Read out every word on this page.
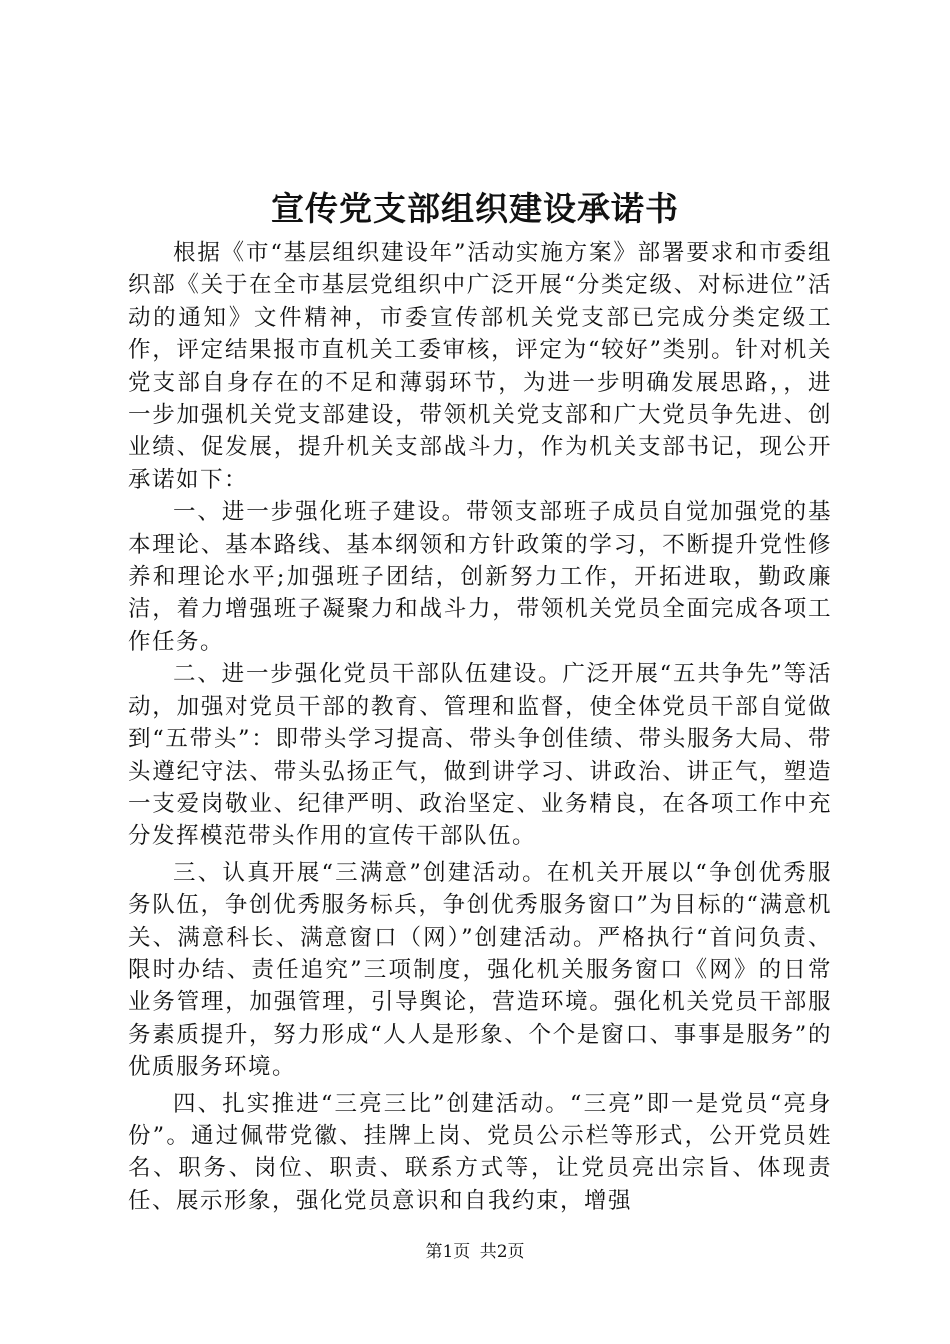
宣传党支部组织建设承诺书

根据《市“基层组织建设年”活动实施方案》部署要求和市委组织部《关于在全市基层党组织中广泛开展“分类定级、对标进位”活动的通知》文件精神，市委宣传部机关党支部已完成分类定级工作，评定结果报市直机关工委审核，评定为“较好”类别。针对机关党支部自身存在的不足和薄弱环节，为进一步明确发展思路，，进一步加强机关党支部建设，带领机关党支部和广大党员争先进、创业绩、促发展，提升机关支部战斗力，作为机关支部书记，现公开承诺如下：

一、进一步强化班子建设。带领支部班子成员自觉加强党的基本理论、基本路线、基本纲领和方针政策的学习，不断提升党性修养和理论水平;加强班子团结，创新努力工作，开拓进取，勤政廉洁，着力增强班子凝聚力和战斗力，带领机关党员全面完成各项工作任务。

二、进一步强化党员干部队伍建设。广泛开展“五共争先”等活动，加强对党员干部的教育、管理和监督，使全体党员干部自觉做到“五带头”：即带头学习提高、带头争创佳绩、带头服务大局、带头遵纪守法、带头弘扬正气，做到讲学习、讲政治、讲正气，塑造一支爱岗敬业、纪律严明、政治坚定、业务精良，在各项工作中充分发挥模范带头作用的宣传干部队伍。

三、认真开展“三满意”创建活动。在机关开展以“争创优秀服务队伍，争创优秀服务标兵，争创优秀服务窗口”为目标的“满意机关、满意科长、满意窗口（网）”创建活动。严格执行“首问负责、限时办结、责任追究”三项制度，强化机关服务窗口《网》的日常业务管理，加强管理，引导舆论，营造环境。强化机关党员干部服务素质提升，努力形成“人人是形象、个个是窗口、事事是服务”的优质服务环境。

四、扎实推进“三亮三比”创建活动。“三亮”即一是党员“亮身份”。通过佩带党徽、挂牌上岗、党员公示栏等形式，公开党员姓名、职务、岗位、职责、联系方式等，让党员亮出宗旨、体现责任、展示形象，强化党员意识和自我约束，增强

第1页 共2页
